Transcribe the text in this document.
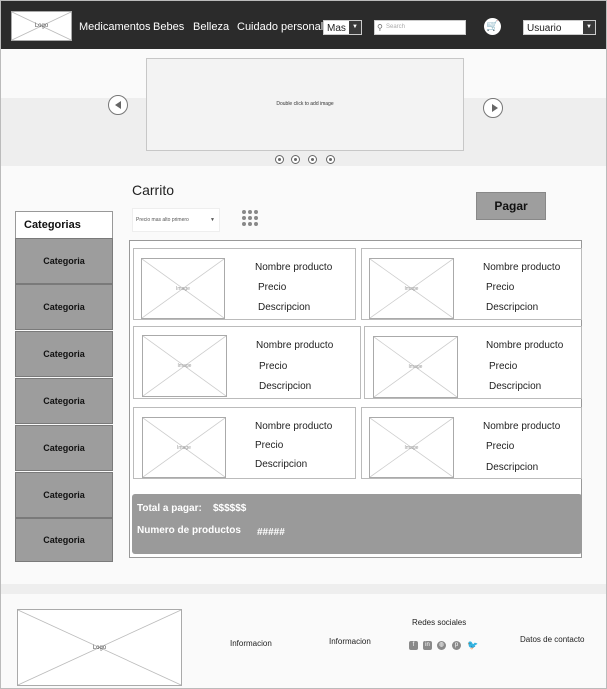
Logo	Medicamentos Bebes Belleza Cuidado personal Mas	▼	⚲ Search	🛒	Usuario	▼
Double click to add image
Carrito
Precio mas alto primero	▼
Pagar
Categorias
Categoria
Categoria
Categoria
Categoria
Categoria
Categoria
Categoria
Image
Nombre producto
Precio
Descripcion
Image
Nombre producto
Precio
Descripcion
Image
Nombre producto
Precio
Descripcion
Image
Nombre producto
Precio
Descripcion
Image
Nombre producto
Precio
Descripcion
Image
Nombre producto
Precio
Descripcion
Total a pagar: $$$$$$
Numero de productos #####
Logo	Informacion	Informacion
Redes sociales
f	in	◍	p 🐦
Datos de contacto
